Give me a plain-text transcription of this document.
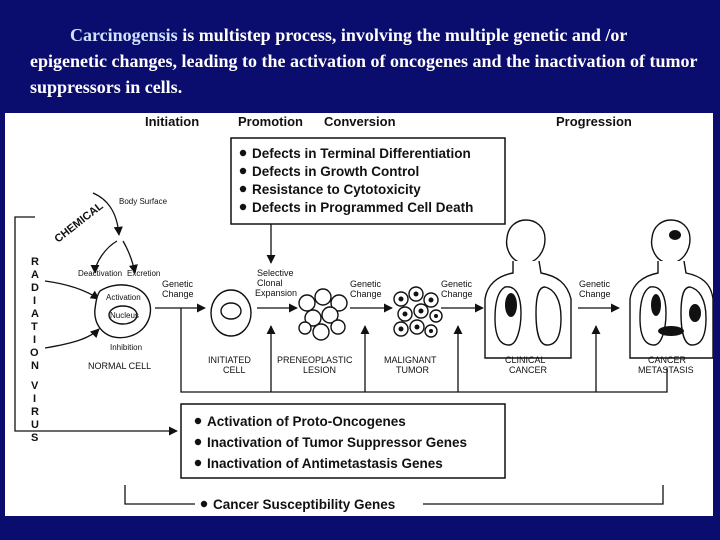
Carcinogensis is multistep process, involving the multiple genetic and /or epigenetic changes, leading to the activation of oncogenes and the inactivation of tumor suppressors in cells.
Initiation	Promotion Conversion	Progression
Defects in Terminal Differentiation
Defects in Growth Control
Resistance to Cytotoxicity
Defects in Programmed Cell Death
R
A
D
I
A
T
I
O
N
V
I
R
U
S
CHEMICAL Body Surface
Deactivation Excretion
Activation
Nucleus
Inhibition
NORMAL CELL
Genetic
Change
INITIATED
CELL
Selective
Clonal
Expansion
PRENEOPLASTIC
LESION
Genetic
Change
MALIGNANT
TUMOR
Genetic
Change
CLINICAL
CANCER
Genetic
Change
CANCER
METASTASIS
Activation of Proto-Oncogenes
Inactivation of Tumor Suppressor Genes
Inactivation of Antimetastasis Genes
Cancer Susceptibility Genes
